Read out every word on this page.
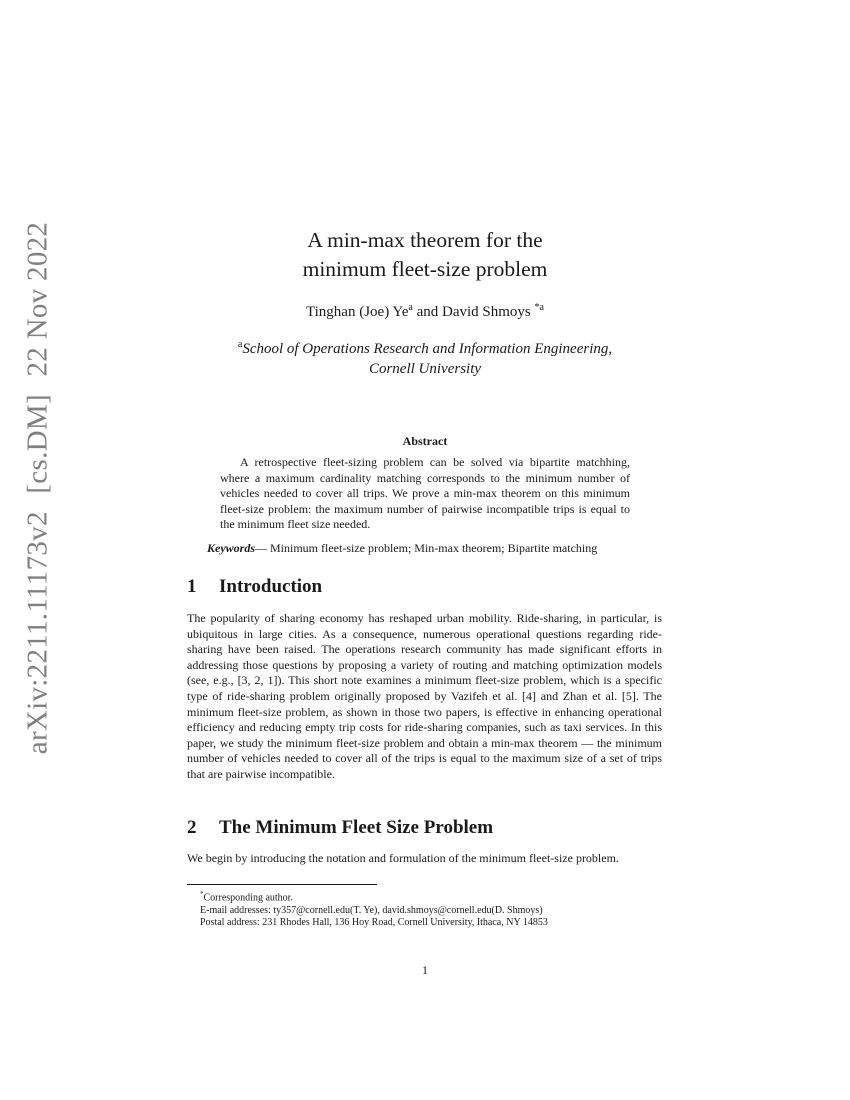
arXiv:2211.11173v2 [cs.DM] 22 Nov 2022	A min-max theorem for the
minimum fleet-size problem
Tinghan (Joe) Ye$^a$ and David Shmoys $^{*a}$
$^a$School of Operations Research and Information Engineering,
Cornell University
Abstract
A retrospective fleet-sizing problem can be solved via bipartite matchhing, where a maximum cardinality matching corresponds to the minimum number of vehicles needed to cover all trips. We prove a min-max theorem on this minimum fleet-size problem: the maximum number of pairwise incompatible trips is equal to the minimum fleet size needed.
Keywords— Minimum fleet-size problem; Min-max theorem; Bipartite matching
1 Introduction
The popularity of sharing economy has reshaped urban mobility. Ride-sharing, in particular, is ubiquitous in large cities. As a consequence, numerous operational questions regarding ride-sharing have been raised. The operations research community has made significant efforts in addressing those questions by proposing a variety of routing and matching optimization models (see, e.g., [3, 2, 1]). This short note examines a minimum fleet-size problem, which is a specific type of ride-sharing problem originally proposed by Vazifeh et al. [4] and Zhan et al. [5]. The minimum fleet-size problem, as shown in those two papers, is effective in enhancing operational efficiency and reducing empty trip costs for ride-sharing companies, such as taxi services. In this paper, we study the minimum fleet-size problem and obtain a min-max theorem — the minimum number of vehicles needed to cover all of the trips is equal to the maximum size of a set of trips that are pairwise incompatible.
2 The Minimum Fleet Size Problem
We begin by introducing the notation and formulation of the minimum fleet-size problem.
*Corresponding author.
E-mail addresses: ty357@cornell.edu(T. Ye), david.shmoys@cornell.edu(D. Shmoys)
Postal address: 231 Rhodes Hall, 136 Hoy Road, Cornell University, Ithaca, NY 14853
1
